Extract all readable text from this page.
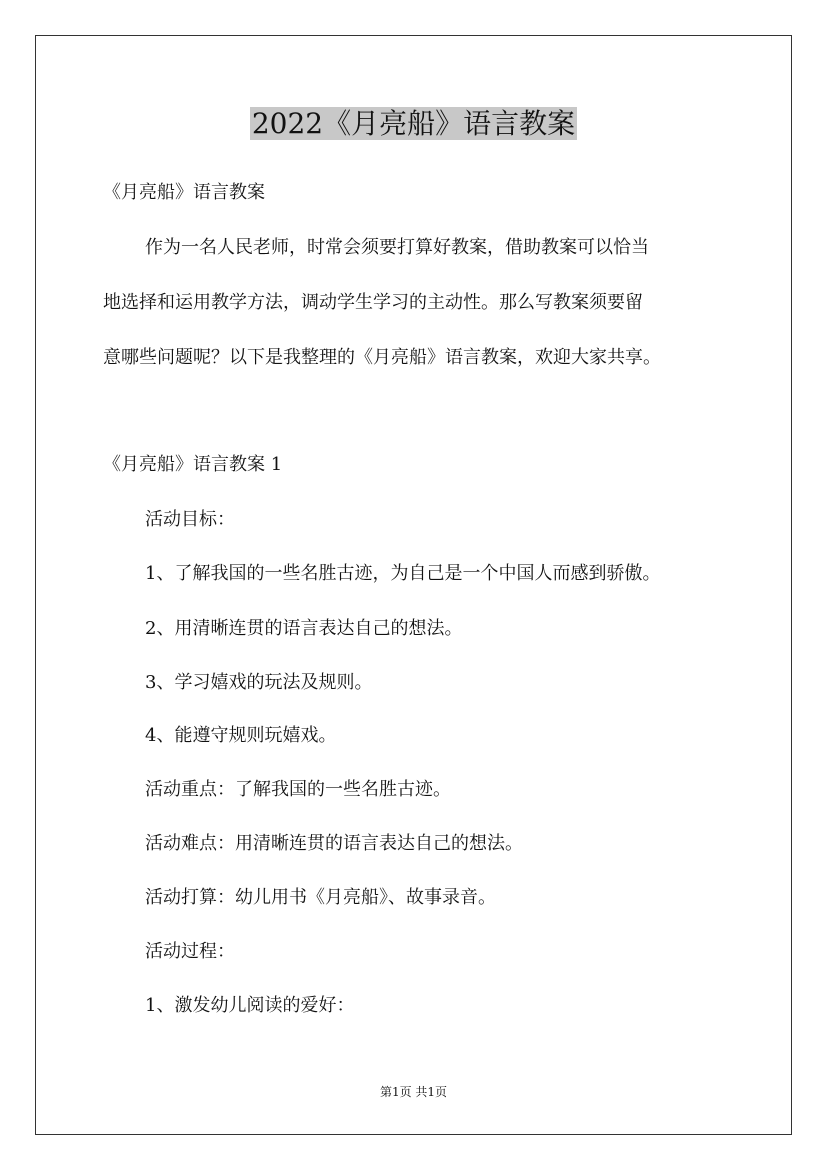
2022《月亮船》语言教案
《月亮船》语言教案
作为一名人民老师，时常会须要打算好教案，借助教案可以恰当
地选择和运用教学方法，调动学生学习的主动性。那么写教案须要留
意哪些问题呢？以下是我整理的《月亮船》语言教案，欢迎大家共享。
《月亮船》语言教案 1
活动目标：
1、了解我国的一些名胜古迹，为自己是一个中国人而感到骄傲。
2、用清晰连贯的语言表达自己的想法。
3、学习嬉戏的玩法及规则。
4、能遵守规则玩嬉戏。
活动重点：了解我国的一些名胜古迹。
活动难点：用清晰连贯的语言表达自己的想法。
活动打算：幼儿用书《月亮船》、故事录音。
活动过程：
1、激发幼儿阅读的爱好：
第1页 共1页
